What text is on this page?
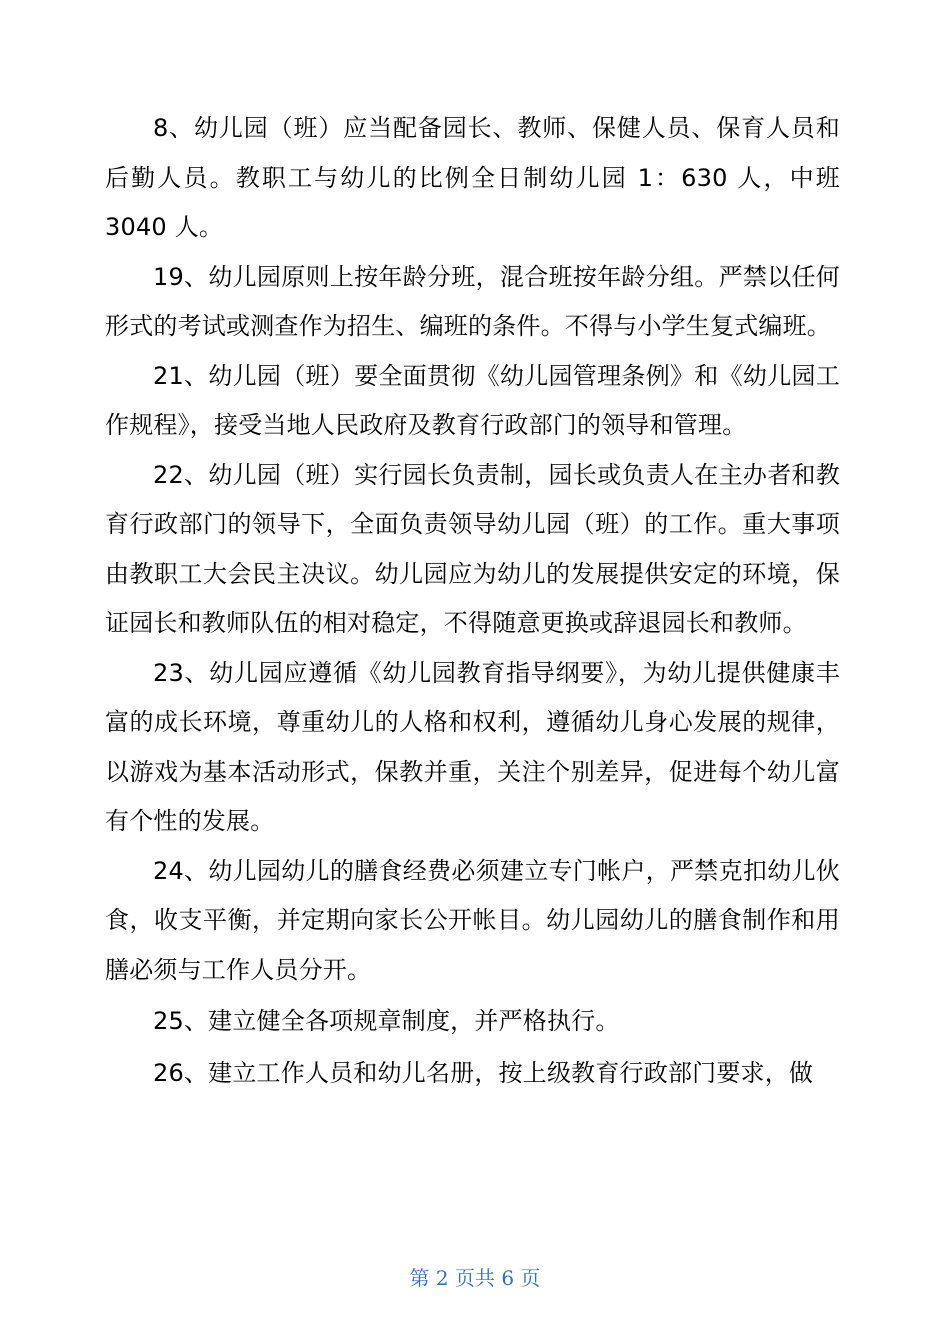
8、幼儿园（班）应当配备园长、教师、保健人员、保育人员和后勤人员。教职工与幼儿的比例全日制幼儿园 1：630 人，中班 3040 人。

19、幼儿园原则上按年龄分班，混合班按年龄分组。严禁以任何形式的考试或测查作为招生、编班的条件。不得与小学生复式编班。

21、幼儿园（班）要全面贯彻《幼儿园管理条例》和《幼儿园工作规程》，接受当地人民政府及教育行政部门的领导和管理。

22、幼儿园（班）实行园长负责制，园长或负责人在主办者和教育行政部门的领导下，全面负责领导幼儿园（班）的工作。重大事项由教职工大会民主决议。幼儿园应为幼儿的发展提供安定的环境，保证园长和教师队伍的相对稳定，不得随意更换或辞退园长和教师。

23、幼儿园应遵循《幼儿园教育指导纲要》，为幼儿提供健康丰富的成长环境，尊重幼儿的人格和权利，遵循幼儿身心发展的规律，以游戏为基本活动形式，保教并重，关注个别差异，促进每个幼儿富有个性的发展。

24、幼儿园幼儿的膳食经费必须建立专门帐户，严禁克扣幼儿伙食，收支平衡，并定期向家长公开帐目。幼儿园幼儿的膳食制作和用膳必须与工作人员分开。

25、建立健全各项规章制度，并严格执行。

26、建立工作人员和幼儿名册，按上级教育行政部门要求，做

第 2 页共 6 页
